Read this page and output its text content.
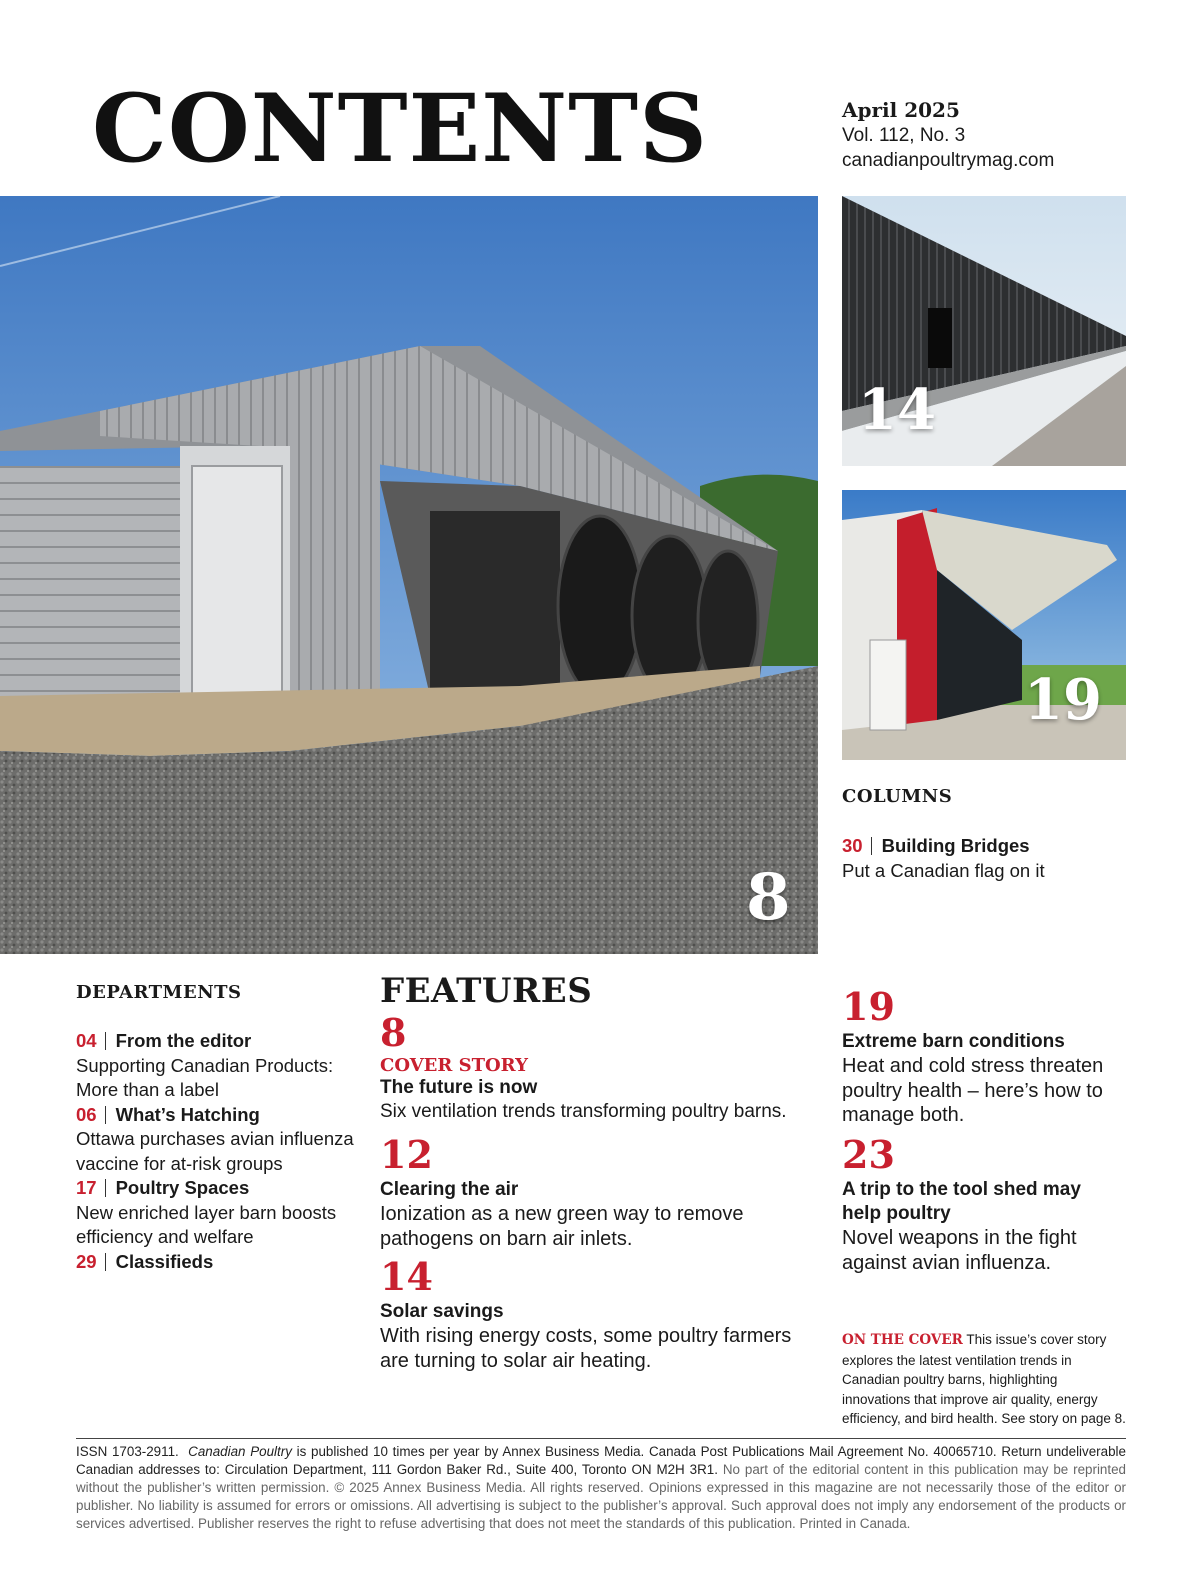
CONTENTS	April 2025
Vol. 112, No. 3
canadianpoultrymag.com
8
14
19
COLUMNS
30 Building Bridges
Put a Canadian flag on it
DEPARTMENTS
04 From the editor
Supporting Canadian Products:
More than a label
06 What’s Hatching
Ottawa purchases avian influenza
vaccine for at-risk groups
17 Poultry Spaces
New enriched layer barn boosts
efficiency and welfare
29 Classifieds
FEATURES
8
COVER STORY
The future is now
Six ventilation trends transforming poultry barns.
12
Clearing the air
Ionization as a new green way to remove
pathogens on barn air inlets.
14
Solar savings
With rising energy costs, some poultry farmers
are turning to solar air heating.
19
Extreme barn conditions
Heat and cold stress threaten
poultry health – here’s how to
manage both.
23
A trip to the tool shed may
help poultry
Novel weapons in the fight
against avian influenza.
ON THE COVER This issue’s cover story
explores the latest ventilation trends in
Canadian poultry barns, highlighting
innovations that improve air quality, energy
efficiency, and bird health. See story on page 8.
ISSN 1703-2911. Canadian Poultry is published 10 times per year by Annex Business Media. Canada Post Publications Mail Agreement No. 40065710. Return undeliverable Canadian addresses to: Circulation Department, 111 Gordon Baker Rd., Suite 400, Toronto ON M2H 3R1. No part of the editorial content in this publication may be reprinted without the publisher’s written permission. © 2025 Annex Business Media. All rights reserved. Opinions expressed in this magazine are not necessarily those of the editor or publisher. No liability is assumed for errors or omissions. All advertising is subject to the publisher’s approval. Such approval does not imply any endorsement of the products or services advertised. Publisher reserves the right to refuse advertising that does not meet the standards of this publication. Printed in Canada.
